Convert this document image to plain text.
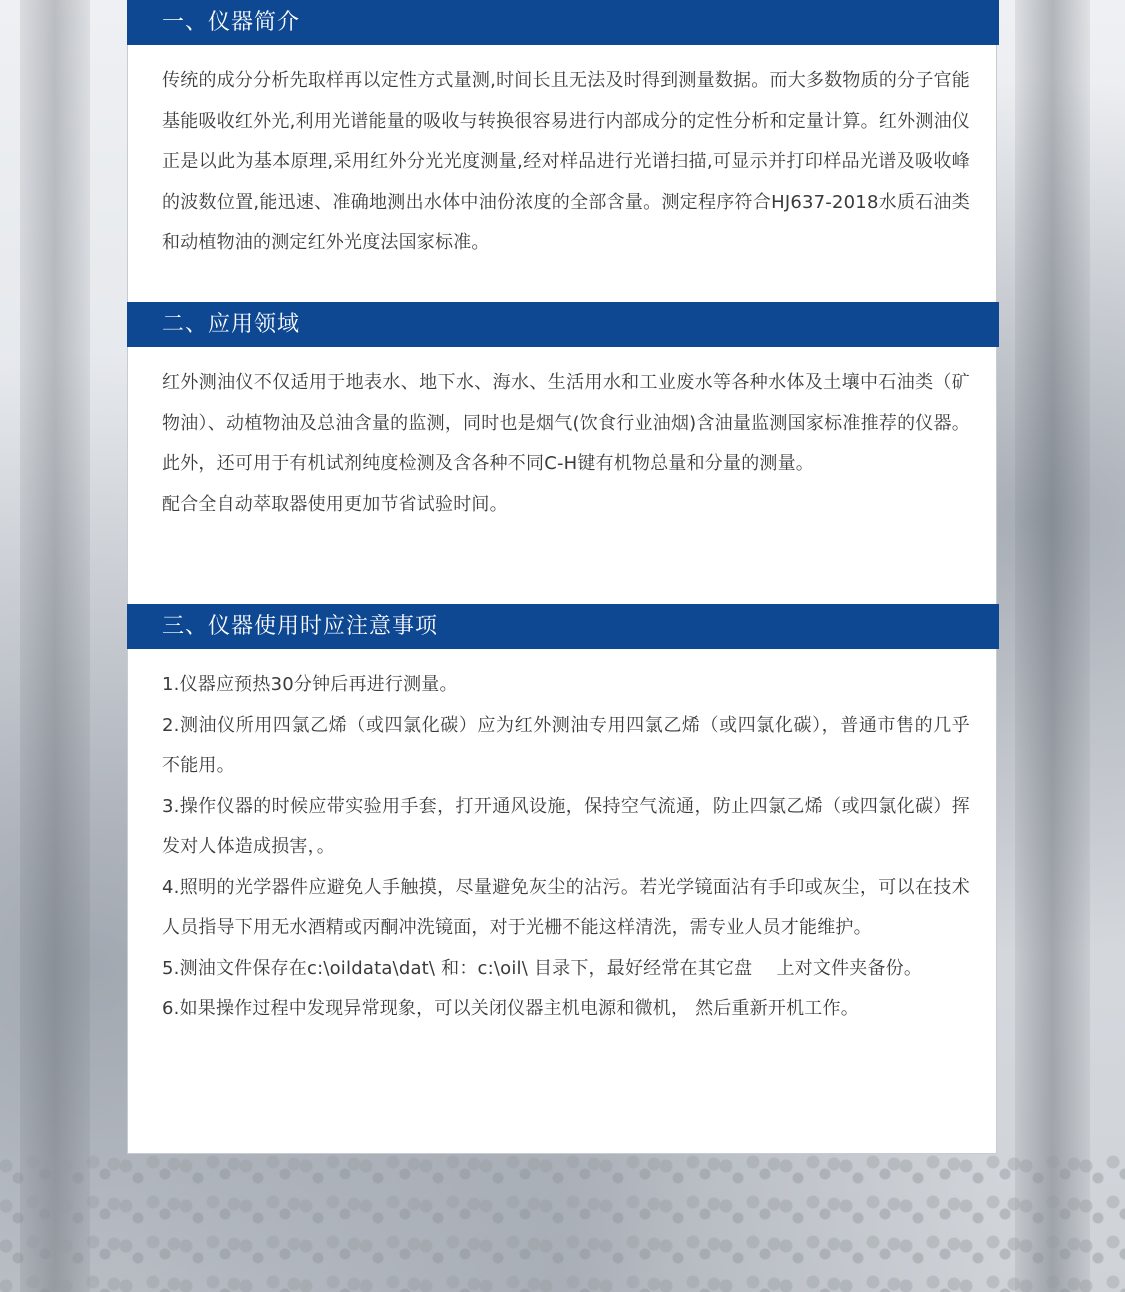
一、仪器简介

传统的成分分析先取样再以定性方式量测,时间长且无法及时得到测量数据。而大多数物质的分子官能基能吸收红外光,利用光谱能量的吸收与转换很容易进行内部成分的定性分析和定量计算。红外测油仪正是以此为基本原理,采用红外分光光度测量,经对样品进行光谱扫描,可显示并打印样品光谱及吸收峰的波数位置,能迅速、准确地测出水体中油份浓度的全部含量。测定程序符合HJ637-2018水质石油类和动植物油的测定红外光度法国家标准。

二、应用领域

红外测油仪不仅适用于地表水、地下水、海水、生活用水和工业废水等各种水体及土壤中石油类（矿物油）、动植物油及总油含量的监测，同时也是烟气(饮食行业油烟)含油量监测国家标准推荐的仪器。此外，还可用于有机试剂纯度检测及含各种不同C-H键有机物总量和分量的测量。

配合全自动萃取器使用更加节省试验时间。

三、仪器使用时应注意事项

1.仪器应预热30分钟后再进行测量。

2.测油仪所用四氯乙烯（或四氯化碳）应为红外测油专用四氯乙烯（或四氯化碳），普通市售的几乎不能用。

3.操作仪器的时候应带实验用手套，打开通风设施，保持空气流通，防止四氯乙烯（或四氯化碳）挥发对人体造成损害，。

4.照明的光学器件应避免人手触摸，尽量避免灰尘的沾污。若光学镜面沾有手印或灰尘，可以在技术人员指导下用无水酒精或丙酮冲洗镜面，对于光栅不能这样清洗，需专业人员才能维护。

5.测油文件保存在c:\oildata\dat\ 和：c:\oil\ 目录下，最好经常在其它盘　 上对文件夹备份。

6.如果操作过程中发现异常现象，可以关闭仪器主机电源和微机， 然后重新开机工作。
